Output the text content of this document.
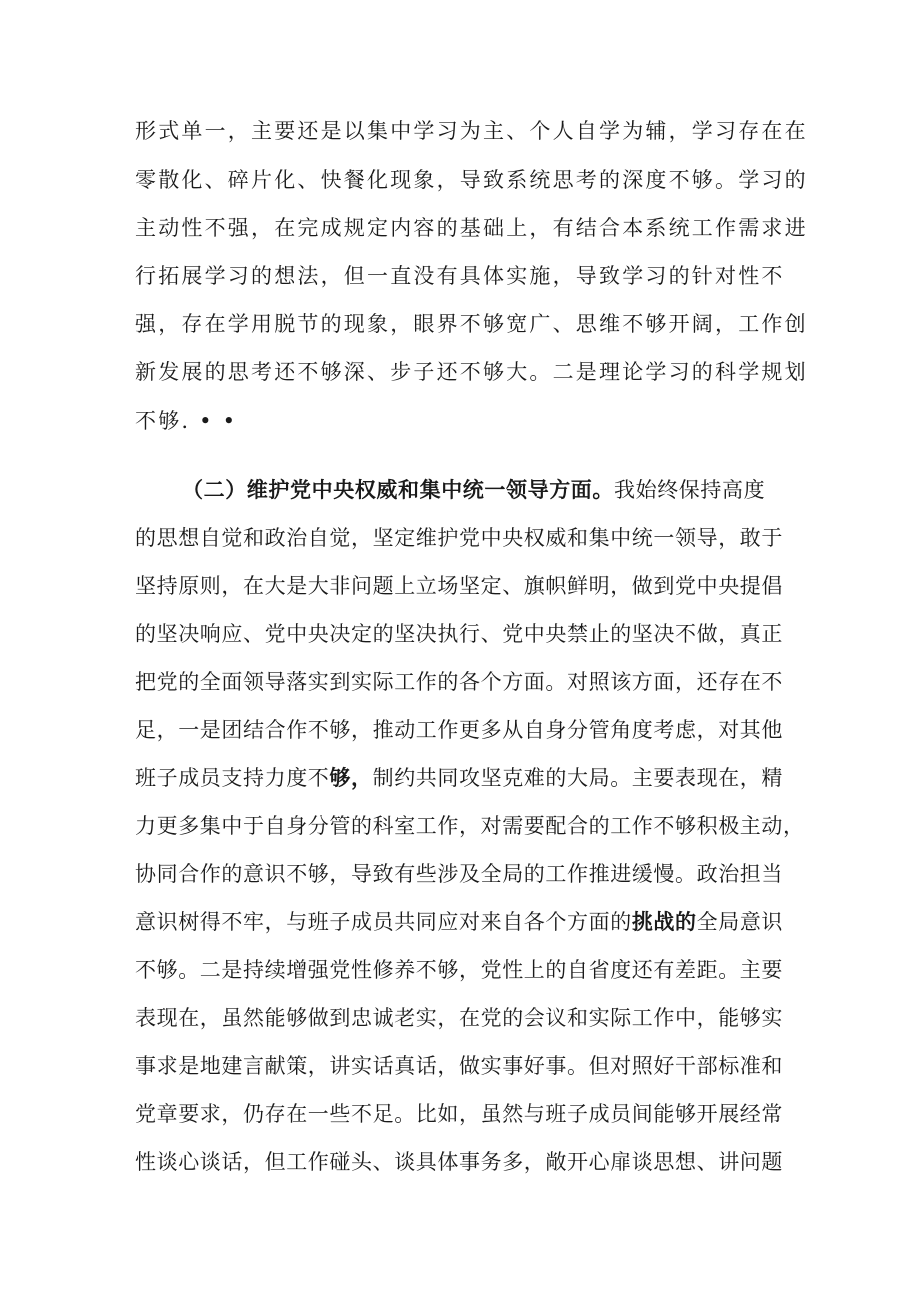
形式单一，主要还是以集中学习为主、个人自学为辅，学习存在在
零散化、碎片化、快餐化现象，导致系统思考的深度不够。学习的
主动性不强，在完成规定内容的基础上，有结合本系统工作需求进
行拓展学习的想法，但一直没有具体实施，导致学习的针对性不
强，存在学用脱节的现象，眼界不够宽广、思维不够开阔，工作创
新发展的思考还不够深、步子还不够大。二是理论学习的科学规划
不够. • •
（二）维护党中央权威和集中统一领导方面。我始终保持高度
的思想自觉和政治自觉，坚定维护党中央权威和集中统一领导，敢于
坚持原则，在大是大非问题上立场坚定、旗帜鲜明，做到党中央提倡
的坚决响应、党中央决定的坚决执行、党中央禁止的坚决不做，真正
把党的全面领导落实到实际工作的各个方面。对照该方面，还存在不
足，一是团结合作不够，推动工作更多从自身分管角度考虑，对其他
班子成员支持力度不够，制约共同攻坚克难的大局。主要表现在，精
力更多集中于自身分管的科室工作，对需要配合的工作不够积极主动，
协同合作的意识不够，导致有些涉及全局的工作推进缓慢。政治担当
意识树得不牢，与班子成员共同应对来自各个方面的挑战的全局意识
不够。二是持续增强党性修养不够，党性上的自省度还有差距。主要
表现在，虽然能够做到忠诚老实，在党的会议和实际工作中，能够实
事求是地建言献策，讲实话真话，做实事好事。但对照好干部标准和
党章要求，仍存在一些不足。比如，虽然与班子成员间能够开展经常
性谈心谈话，但工作碰头、谈具体事务多，敞开心扉谈思想、讲问题
